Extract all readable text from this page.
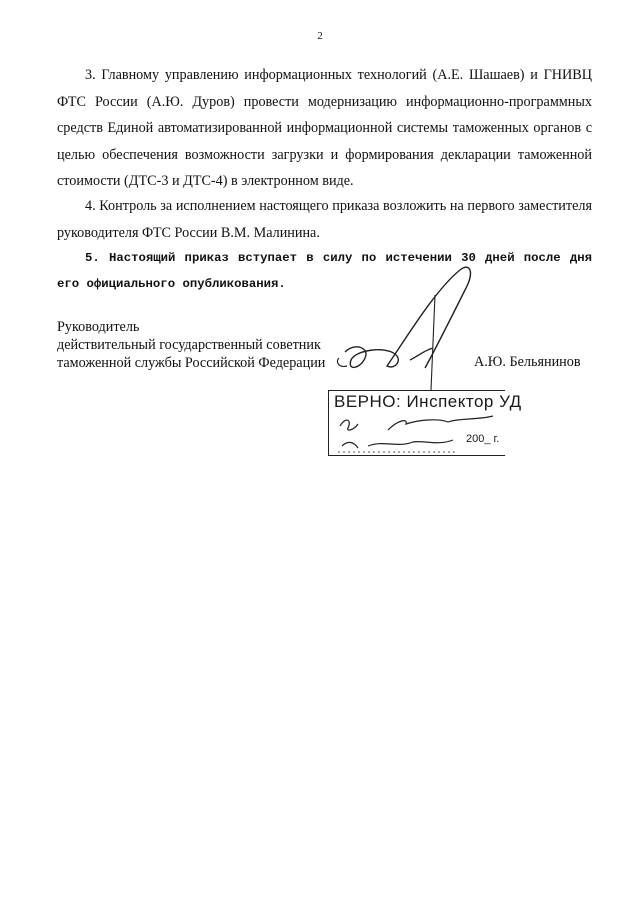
2
3. Главному управлению информационных технологий (А.Е. Шашаев) и ГНИВЦ ФТС России (А.Ю. Дуров) провести модернизацию информационно-программных средств Единой автоматизированной информационной системы таможенных органов с целью обеспечения возможности загрузки и формирования декларации таможенной стоимости (ДТС-3 и ДТС-4) в электронном виде.
4. Контроль за исполнением настоящего приказа возложить на первого заместителя руководителя ФТС России В.М. Малинина.
5. Настоящий приказ вступает в силу по истечении 30 дней после дня его официального опубликования.
Руководитель
действительный государственный советник
таможенной службы Российской Федерации	А.Ю. Бельянинов
ВЕРНО: Инспектор УД
200_ г.
